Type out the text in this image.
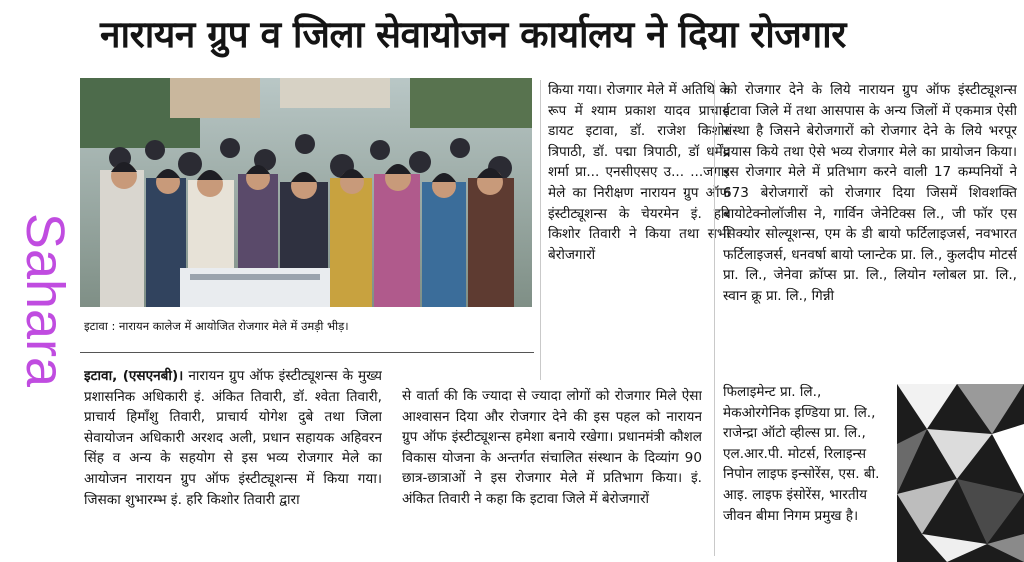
नारायन ग्रुप व जिला सेवायोजन कार्यालय ने दिया रोजगार
Sahara इटावा : नारायन कालेज में आयोजित रोजगार मेले में उमड़ी भीड़।

इटावा, (एसएनबी)। नारायन ग्रुप ऑफ इंस्टीट्यूशन्स के मुख्य प्रशासनिक अधिकारी इं. अंकित तिवारी, डॉ. श्वेता तिवारी, प्राचार्य हिमाँशु तिवारी, प्राचार्य योगेश दुबे तथा जिला सेवायोजन अधिकारी अरशद अली, प्रधान सहायक अहिवरन सिंह व अन्य के सहयोग से इस भव्य रोजगार मेले का आयोजन नारायन ग्रुप ऑफ इंस्टीट्यूशन्स में किया गया। जिसका शुभारम्भ इं. हरि किशोर तिवारी द्वारा

किया गया। रोजगार मेले में अतिथि के रूप में श्याम प्रकाश यादव प्राचार्य डायट इटावा, डॉ. राजेश किशोर त्रिपाठी, डॉ. पद्मा त्रिपाठी, डॉ धर्मेंद्र शर्मा प्रा... एनसीएसए उ... ...जगार मेले का निरीक्षण नारायन ग्रुप ऑफ इंस्टीट्यूशन्स के चेयरमेन इं. हरि किशोर तिवारी ने किया तथा सभी बेरोजगारों

से वार्ता की कि ज्यादा से ज्यादा लोगों को रोजगार मिले ऐसा आश्वासन दिया और रोजगार देने की इस पहल को नारायन ग्रुप ऑफ इंस्टीट्यूशन्स हमेशा बनाये रखेगा। प्रधानमंत्री कौशल विकास योजना के अन्तर्गत संचालित संस्थान के दिव्यांग 90 छात्र-छात्राओं ने इस रोजगार मेले में प्रतिभाग किया। इं. अंकित तिवारी ने कहा कि इटावा जिले में बेरोजगारों

को रोजगार देने के लिये नारायन ग्रुप ऑफ इंस्टीट्यूशन्स इटावा जिले में तथा आसपास के अन्य जिलों में एकमात्र ऐसी संस्था है जिसने बेरोजगारों को रोजगार देने के लिये भरपूर प्रयास किये तथा ऐसे भव्य रोजगार मेले का प्रायोजन किया। इस रोजगार मेले में प्रतिभाग करने वाली 17 कम्पनियों ने 673 बेरोजगारों को रोजगार दिया जिसमें शिवशक्ति बायोटेक्नोलॉजीस ने, गार्विन जेनेटिक्स लि., जी फॉर एस सिक्योर सोल्यूशन्स, एम के डी बायो फर्टिलाइजर्स, नवभारत फर्टिलाइजर्स, धनवर्षा बायो प्लान्टेक प्रा. लि., कुलदीप मोटर्स प्रा. लि., जेनेवा क्रॉप्स प्रा. लि., लियोन ग्लोबल प्रा. लि., स्वान क्रू प्रा. लि., गिन्नी

फिलाइमेन्ट प्रा. लि., मेकओरगेनिक इण्डिया प्रा. लि., राजेन्द्रा ऑटो व्हील्स प्रा. लि., एल.आर.पी. मोटर्स, रिलाइन्स निपोन लाइफ इन्सोरेंस, एस. बी. आइ. लाइफ इंसोरेंस, भारतीय जीवन बीमा निगम प्रमुख है।
